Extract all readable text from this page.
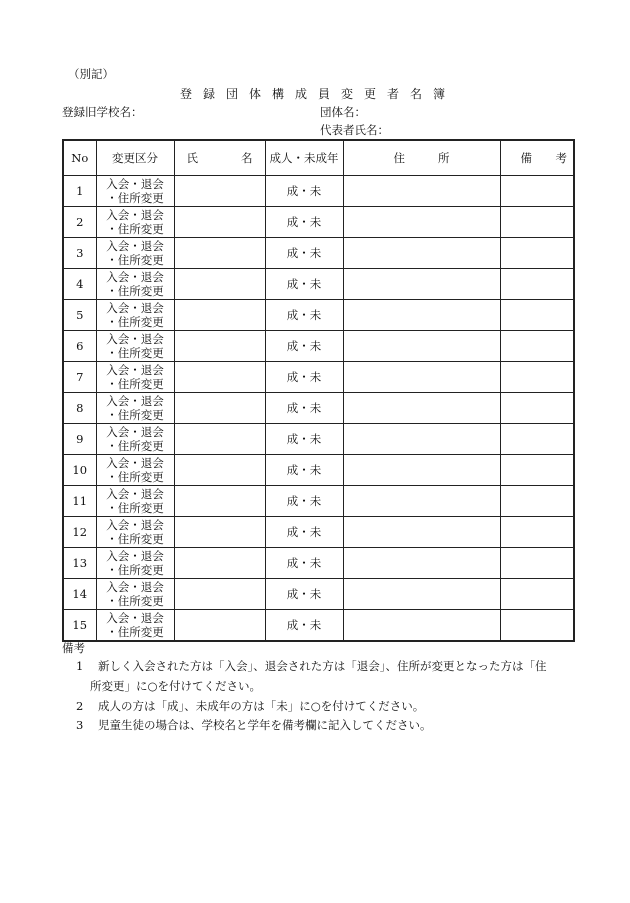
（別記）
登録団体構成員変更者名簿
登録旧学校名：	団体名：
代表者氏名：
No	変更区分	氏 名	成人・未成年	住 所	備 考

1	入会・退会
・住所変更		成・未		
2	入会・退会
・住所変更		成・未		
3	入会・退会
・住所変更		成・未		
4	入会・退会
・住所変更		成・未		
5	入会・退会
・住所変更		成・未		
6	入会・退会
・住所変更		成・未		
7	入会・退会
・住所変更		成・未		
8	入会・退会
・住所変更		成・未		
9	入会・退会
・住所変更		成・未		
10	入会・退会
・住所変更		成・未		
11	入会・退会
・住所変更		成・未		
12	入会・退会
・住所変更		成・未		
13	入会・退会
・住所変更		成・未		
14	入会・退会
・住所変更		成・未		
15	入会・退会
・住所変更		成・未		
備考
1 新しく入会された方は「入会」、退会された方は「退会」、住所が変更となった方は「住
所変更」に○を付けてください。
2 成人の方は「成」、未成年の方は「未」に○を付けてください。
3 児童生徒の場合は、学校名と学年を備考欄に記入してください。
